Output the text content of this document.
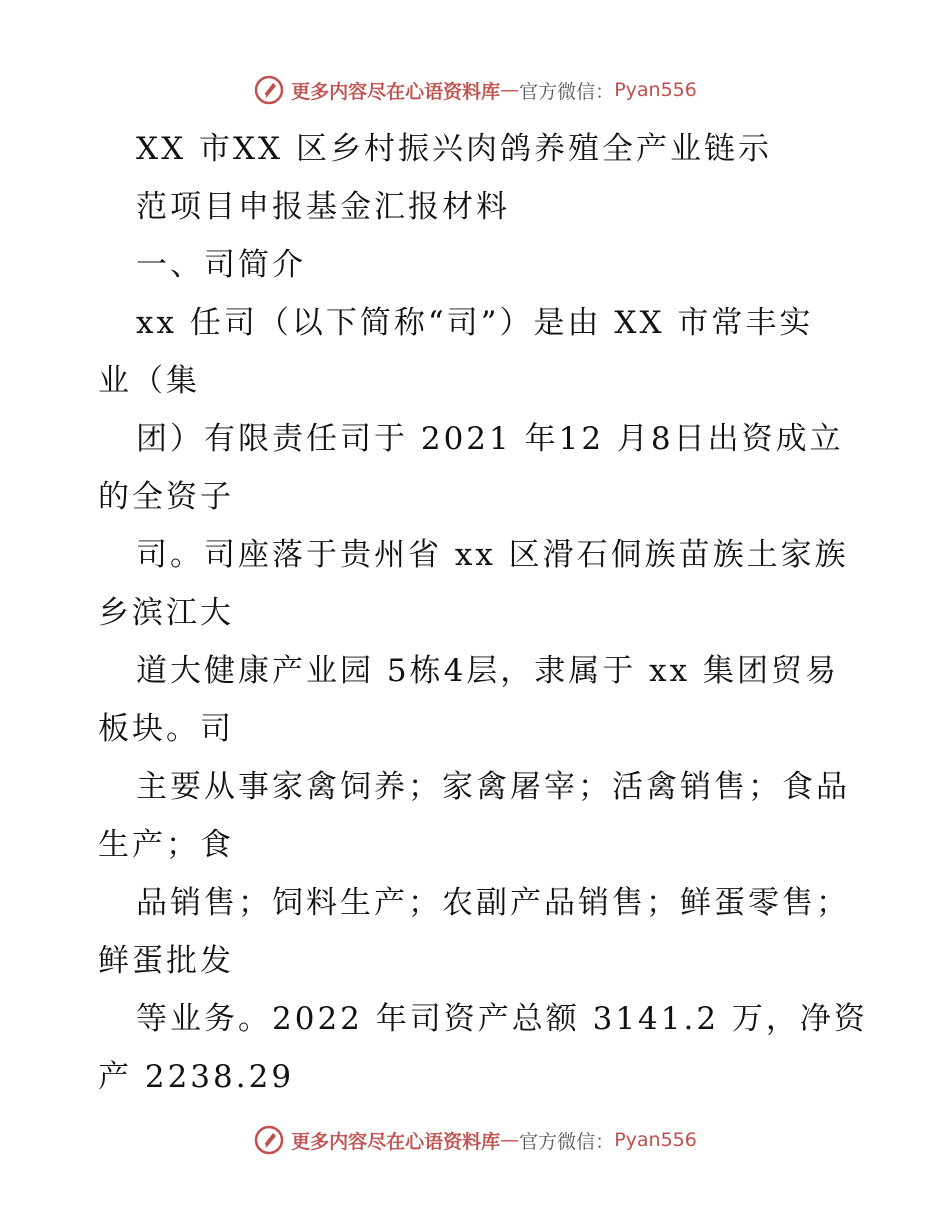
更多内容尽在心语资料库 — 官方微信： Pyan556
XX 市XX 区乡村振兴肉鸽养殖全产业链示
范项目申报基金汇报材料
一、司简介
xx 任司（以下简称“司”）是由 XX 市常丰实
业（集
团）有限责任司于 2021 年12 月8日出资成立
的全资子
司。司座落于贵州省 xx 区滑石侗族苗族土家族
乡滨江大
道大健康产业园 5栋4层，隶属于 xx 集团贸易
板块。司
主要从事家禽饲养；家禽屠宰；活禽销售；食品
生产；食
品销售；饲料生产；农副产品销售；鲜蛋零售；
鲜蛋批发
等业务。2022 年司资产总额 3141.2 万，净资
产 2238.29
更多内容尽在心语资料库 — 官方微信： Pyan556
